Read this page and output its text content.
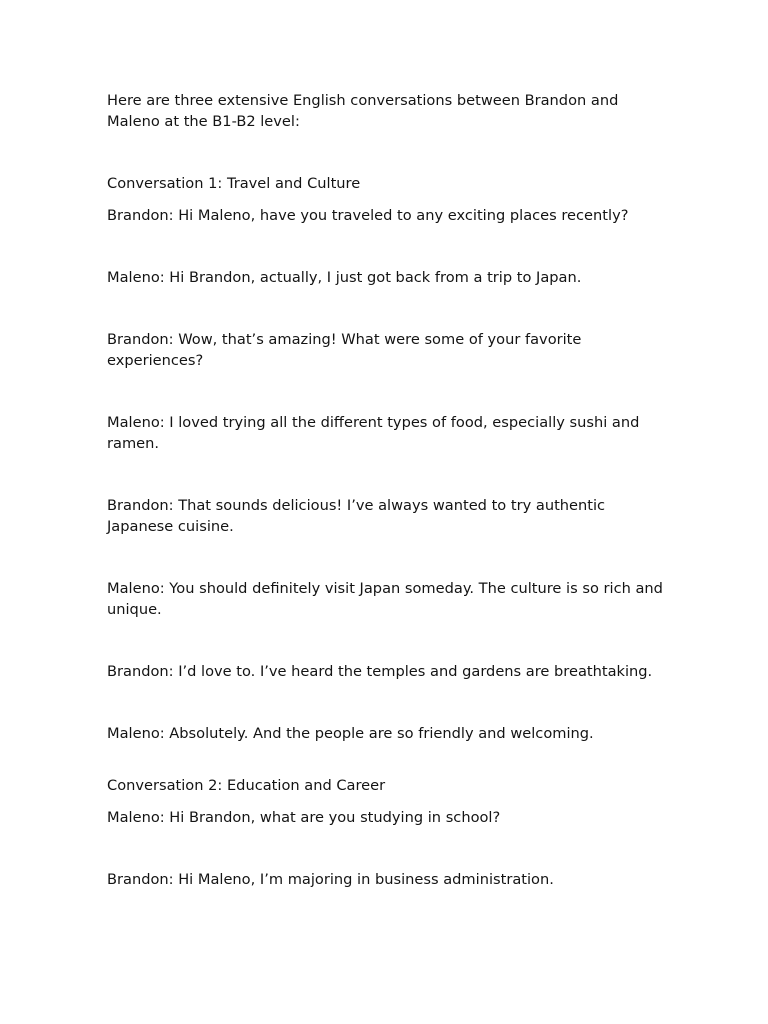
Here are three extensive English conversations between Brandon and Maleno at the B1-B2 level:

Conversation 1: Travel and Culture

Brandon: Hi Maleno, have you traveled to any exciting places recently?

Maleno: Hi Brandon, actually, I just got back from a trip to Japan.

Brandon: Wow, that’s amazing! What were some of your favorite experiences?

Maleno: I loved trying all the different types of food, especially sushi and ramen.

Brandon: That sounds delicious! I’ve always wanted to try authentic Japanese cuisine.

Maleno: You should definitely visit Japan someday. The culture is so rich and unique.

Brandon: I’d love to. I’ve heard the temples and gardens are breathtaking.

Maleno: Absolutely. And the people are so friendly and welcoming.

Conversation 2: Education and Career

Maleno: Hi Brandon, what are you studying in school?

Brandon: Hi Maleno, I’m majoring in business administration.
